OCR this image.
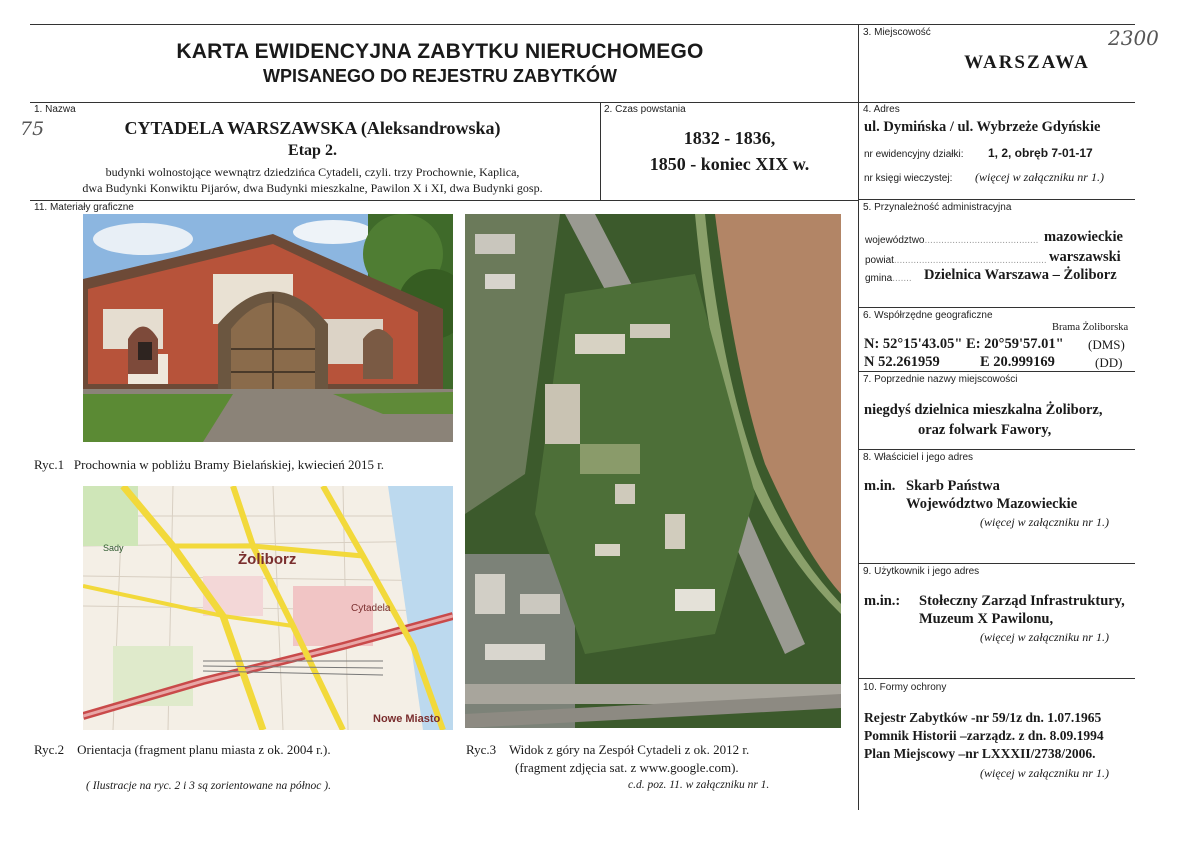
KARTA EWIDENCYJNA ZABYTKU NIERUCHOMEGO
WPISANEGO DO REJESTRU ZABYTKÓW
3. Miejscowość	2300
WARSZAWA
1. Nazwa
75	CYTADELA WARSZAWSKA (Aleksandrowska)
Etap 2.
budynki wolnostojące wewnątrz dziedzińca Cytadeli, czyli. trzy Prochownie, Kaplica,
dwa Budynki Konwiktu Pijarów, dwa Budynki mieszkalne, Pawilon X i XI, dwa Budynki gosp.
2. Czas powstania
1832 - 1836,
1850 - koniec XIX w.
4. Adres
ul. Dymińska / ul. Wybrzeże Gdyńskie
nr ewidencyjny działki: 1, 2, obręb 7-01-17
nr księgi wieczystej: (więcej w załączniku nr 1.)
11. Materiały graficzne
Ryc.1 Prochownia w pobliżu Bramy Bielańskiej, kwiecień 2015 r.
Żoliborz
Cytadela
Sady
Nowe Miasto
Ryc.2 Orientacja (fragment planu miasta z ok. 2004 r.).
( Ilustracje na ryc. 2 i 3 są zorientowane na północ ).
Ryc.3 Widok z góry na Zespół Cytadeli z ok. 2012 r.
(fragment zdjęcia sat. z www.google.com).
c.d. poz. 11. w załączniku nr 1.
5. Przynależność administracyjna
województwo......................................... mazowieckie
powiat....................................................... warszawski
gmina....... Dzielnica Warszawa – Żoliborz
6. Współrzędne geograficzne
Brama Żoliborska
N: 52°15'43.05" E: 20°59'57.01" (DMS)
N 52.261959	E 20.999169	(DD)
7. Poprzednie nazwy miejscowości
niegdyś dzielnica mieszkalna Żoliborz,
oraz folwark Fawory,
8. Właściciel i jego adres
m.in. Skarb Państwa
Województwo Mazowieckie
(więcej w załączniku nr 1.)
9. Użytkownik i jego adres
m.in.: Stołeczny Zarząd Infrastruktury,
Muzeum X Pawilonu,
(więcej w załączniku nr 1.)
10. Formy ochrony
Rejestr Zabytków -nr 59/1z dn. 1.07.1965
Pomnik Historii –zarządz. z dn. 8.09.1994
Plan Miejscowy –nr LXXXII/2738/2006.
(więcej w załączniku nr 1.)
